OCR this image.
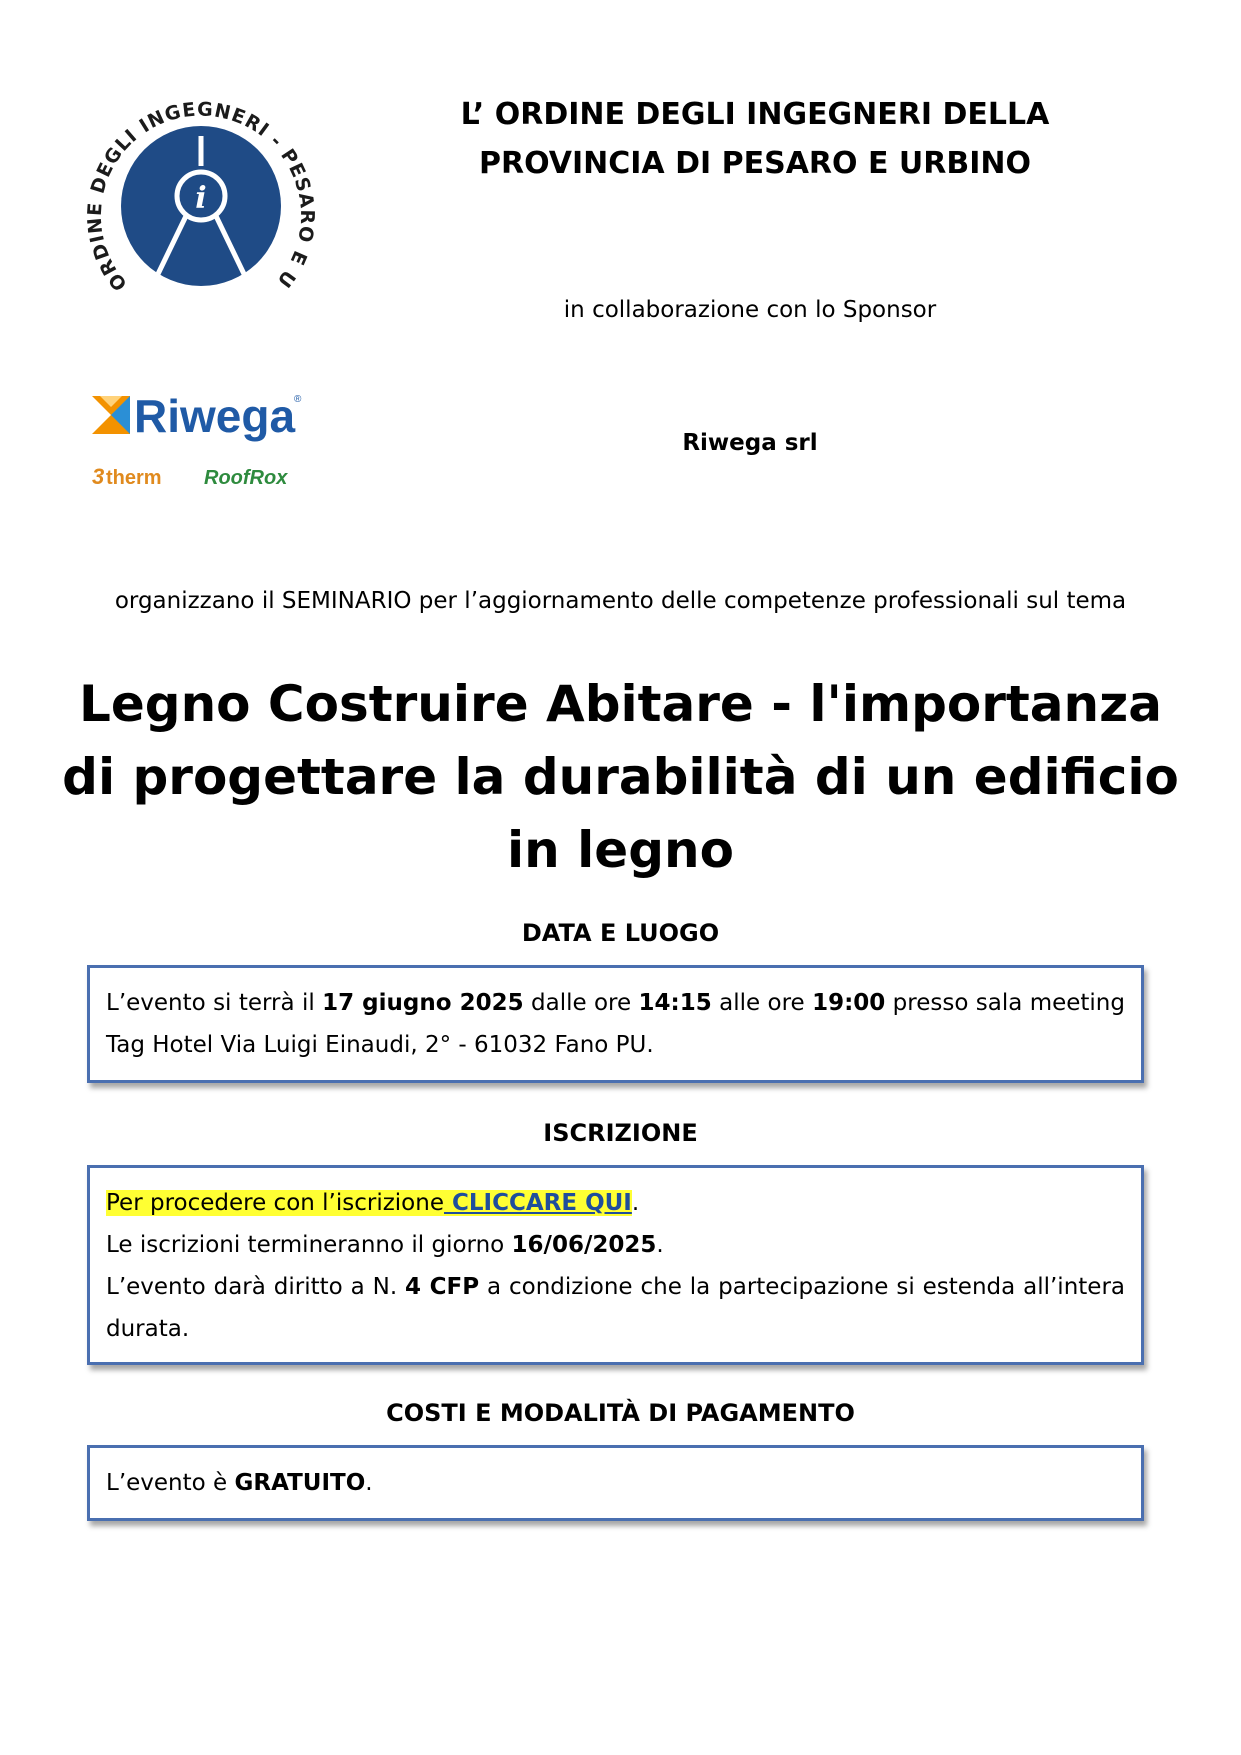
ORDINE DEGLI INGEGNERI - PESARO E U
i
Riwega
®
3 therm RoofRox
L’ ORDINE DEGLI INGEGNERI DELLA
PROVINCIA DI PESARO E URBINO
in collaborazione con lo Sponsor
Riwega srl
organizzano il SEMINARIO per l’aggiornamento delle competenze professionali sul tema
Legno Costruire Abitare - l'importanza
di progettare la durabilità di un edificio
in legno
DATA E LUOGO
L’evento si terrà il 17 giugno 2025 dalle ore 14:15 alle ore 19:00 presso sala meeting
Tag Hotel Via Luigi Einaudi, 2° - 61032 Fano PU.
ISCRIZIONE
Per procedere con l’iscrizione CLICCARE QUI.
Le iscrizioni termineranno il giorno 16/06/2025.
L’evento darà diritto a N. 4 CFP a condizione che la partecipazione si estenda all’intera
durata.
COSTI E MODALITÀ DI PAGAMENTO
L’evento è GRATUITO.
